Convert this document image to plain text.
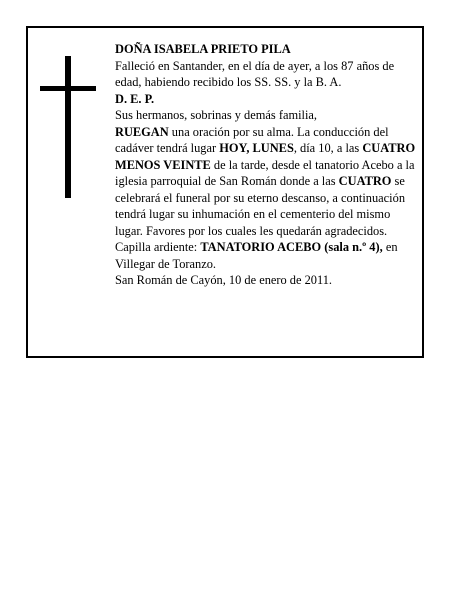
DOÑA ISABELA PRIETO PILA

Falleció en Santander, en el día de ayer, a los 87 años de edad, habiendo recibido los SS. SS. y la B. A.

D. E. P.

Sus hermanos, sobrinas y demás familia,

RUEGAN una oración por su alma. La conducción del cadáver tendrá lugar HOY, LUNES, día 10, a las CUATRO MENOS VEINTE de la tarde, desde el tanatorio Acebo a la iglesia parroquial de San Román donde a las CUATRO se celebrará el funeral por su eterno descanso, a continuación tendrá lugar su inhumación en el cementerio del mismo lugar. Favores por los cuales les quedarán agradecidos. Capilla ardiente: TANATORIO ACEBO (sala n.º 4), en Villegar de Toranzo.

San Román de Cayón, 10 de enero de 2011.
